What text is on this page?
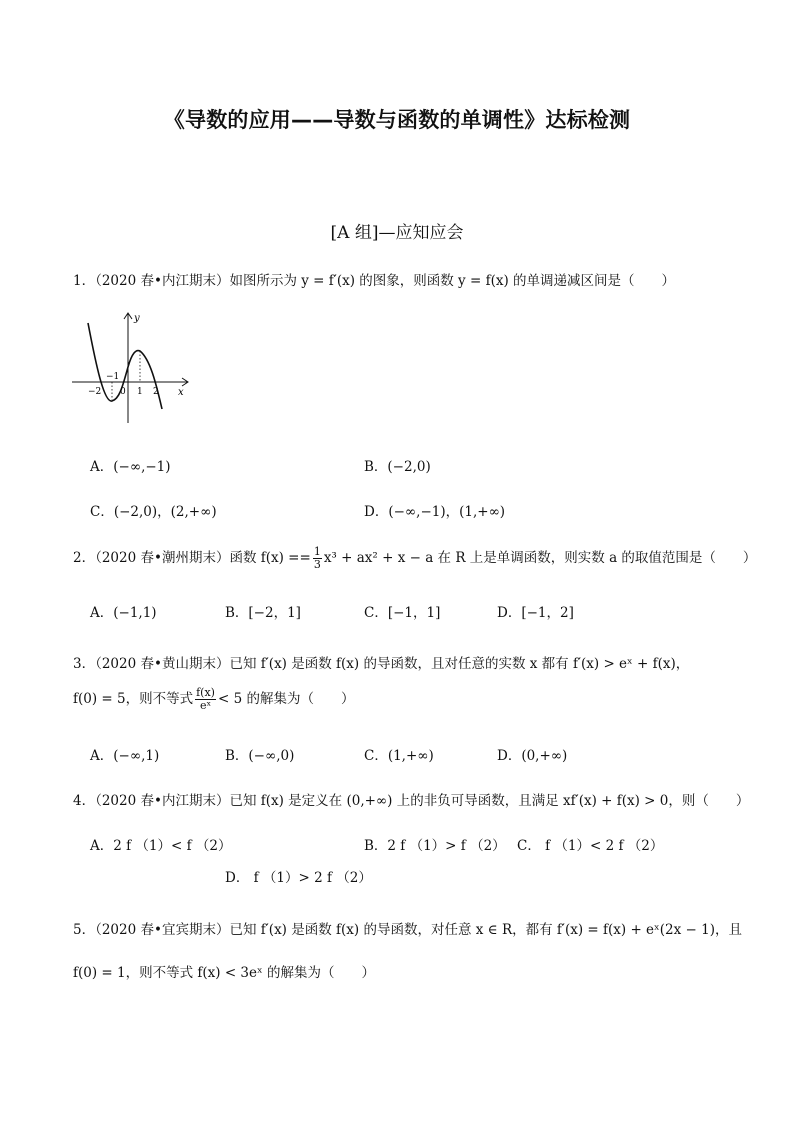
《导数的应用——导数与函数的单调性》达标检测
[A 组]—应知应会
1．（2020 春•内江期末）如图所示为 y = f′(x) 的图象，则函数 y = f(x) 的单调递减区间是（　　）
y
x
−2
−1
0 1 2
A．(−∞,−1)	B．(−2,0)
C．(−2,0)，(2,+∞)	D．(−∞,−1)，(1,+∞)
2．（2020 春•潮州期末）函数 $f(x) == \frac{1}{3} x^3 + ax^2 + x - a$ 在 R 上是单调函数，则实数 a 的取值范围是（　　）
A．(−1,1)	B．[−2，1]	C．[−1，1]	D．[−1，2]
3．（2020 春•黄山期末）已知 f′(x) 是函数 f(x) 的导函数，且对任意的实数 x 都有 f′(x) > eˣ + f(x)，
f(0) = 5，则不等式 $\frac{f(x)}{\text{eˣ}} < 5$ 的解集为（　　）
A．(−∞,1)	B．(−∞,0)	C．(1,+∞)	D．(0,+∞)
4．（2020 春•内江期末）已知 f(x) 是定义在 (0,+∞) 上的非负可导函数，且满足 xf′(x) + f(x) > 0，则（　　）
A．2 f （1）< f （2）	B．2 f （1）> f （2） C． f （1）< 2 f （2）
D． f （1）> 2 f （2）
5．（2020 春•宜宾期末）已知 f′(x) 是函数 f(x) 的导函数，对任意 x ∈ R，都有 f′(x) = f(x) + eˣ(2x − 1)，且
f(0) = 1，则不等式 f(x) < 3eˣ 的解集为（　　）
